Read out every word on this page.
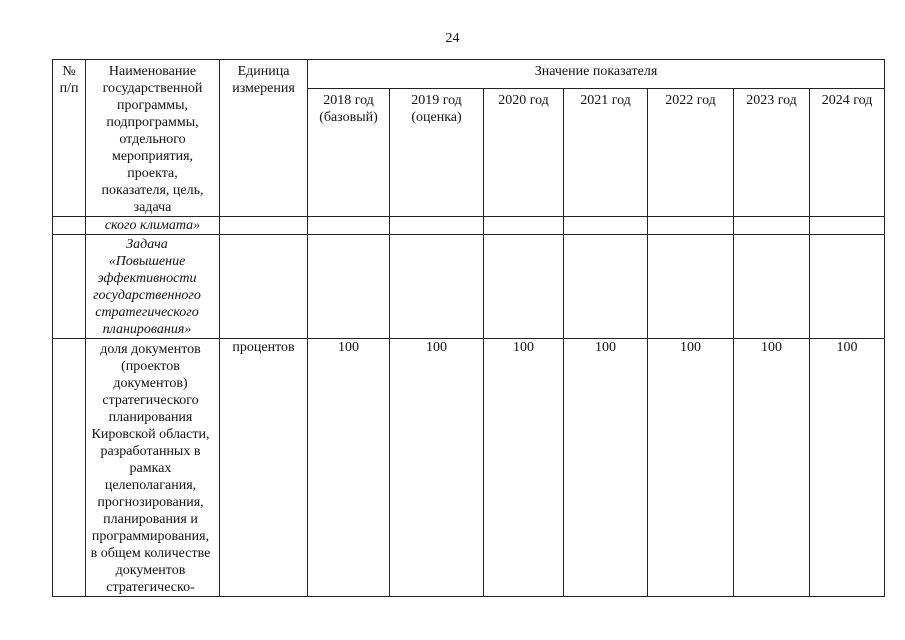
24
№ п/п	Наименование государственной программы, подпрограммы, отдельного мероприятия, проекта, показателя, цель, задача	Единица измерения	Значение показателя						

			2018 год (базовый)	2019 год (оценка)	2020 год	2021 год	2022 год	2023 год	2024 год

	ского климата»								

	Задача «Повышение эффективности государственного стратегического планирования»								

	доля документов (проектов документов) стратегического планирования Кировской области, разработанных в рамках целеполагания, прогнозирования, планирования и программирования, в общем количестве документов стратегическо-	процентов	100	100	100	100	100	100	100
